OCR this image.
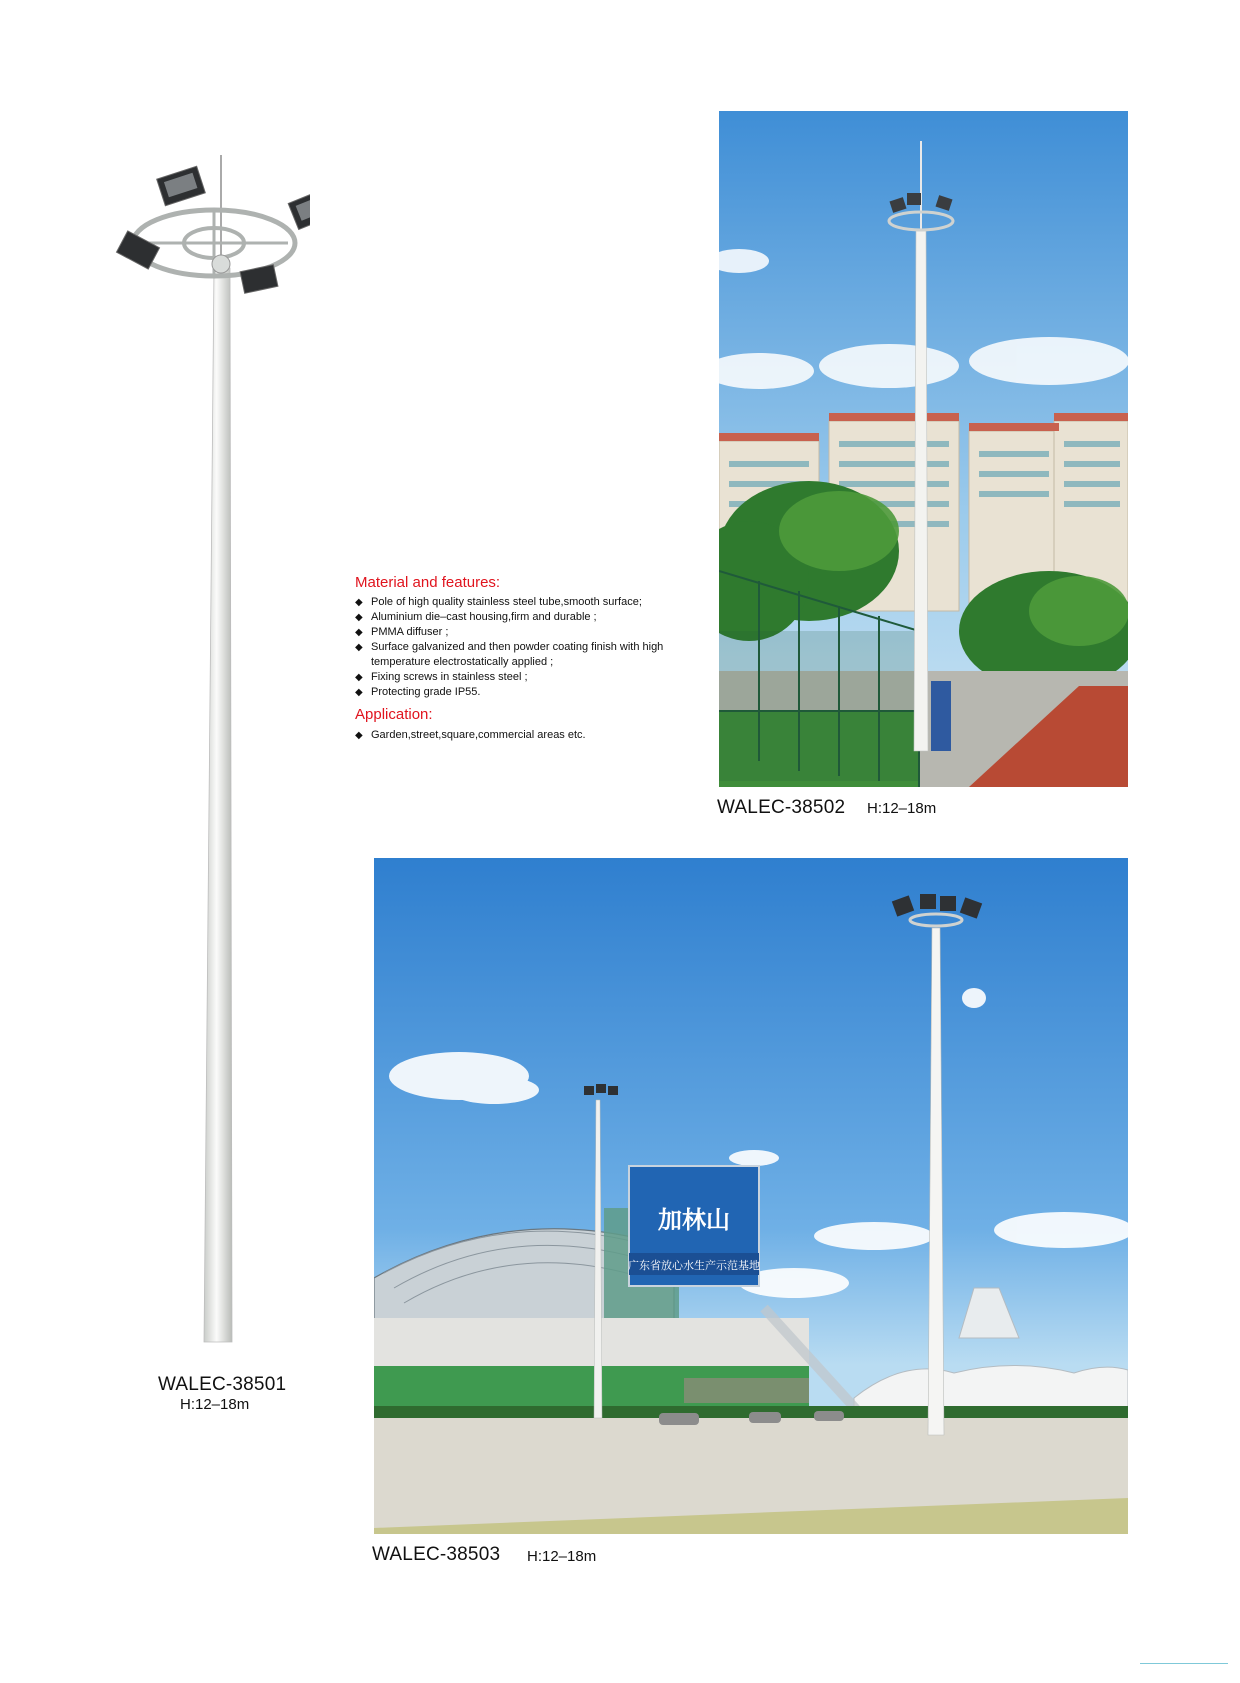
Material and features:
◆ Pole of high quality stainless steel tube,smooth surface;
◆ Aluminium die–cast housing,firm and durable ;
◆ PMMA diffuser ;
◆ Surface galvanized and then powder coating finish with high temperature electrostatically applied ;
◆ Fixing screws in stainless steel ;
◆ Protecting grade IP55.
Application:
◆ Garden,street,square,commercial areas etc.
加林山
广东省放心水生产示范基地
WALEC-38501
H:12–18m
WALEC-38502 H:12–18m
WALEC-38503 H:12–18m
